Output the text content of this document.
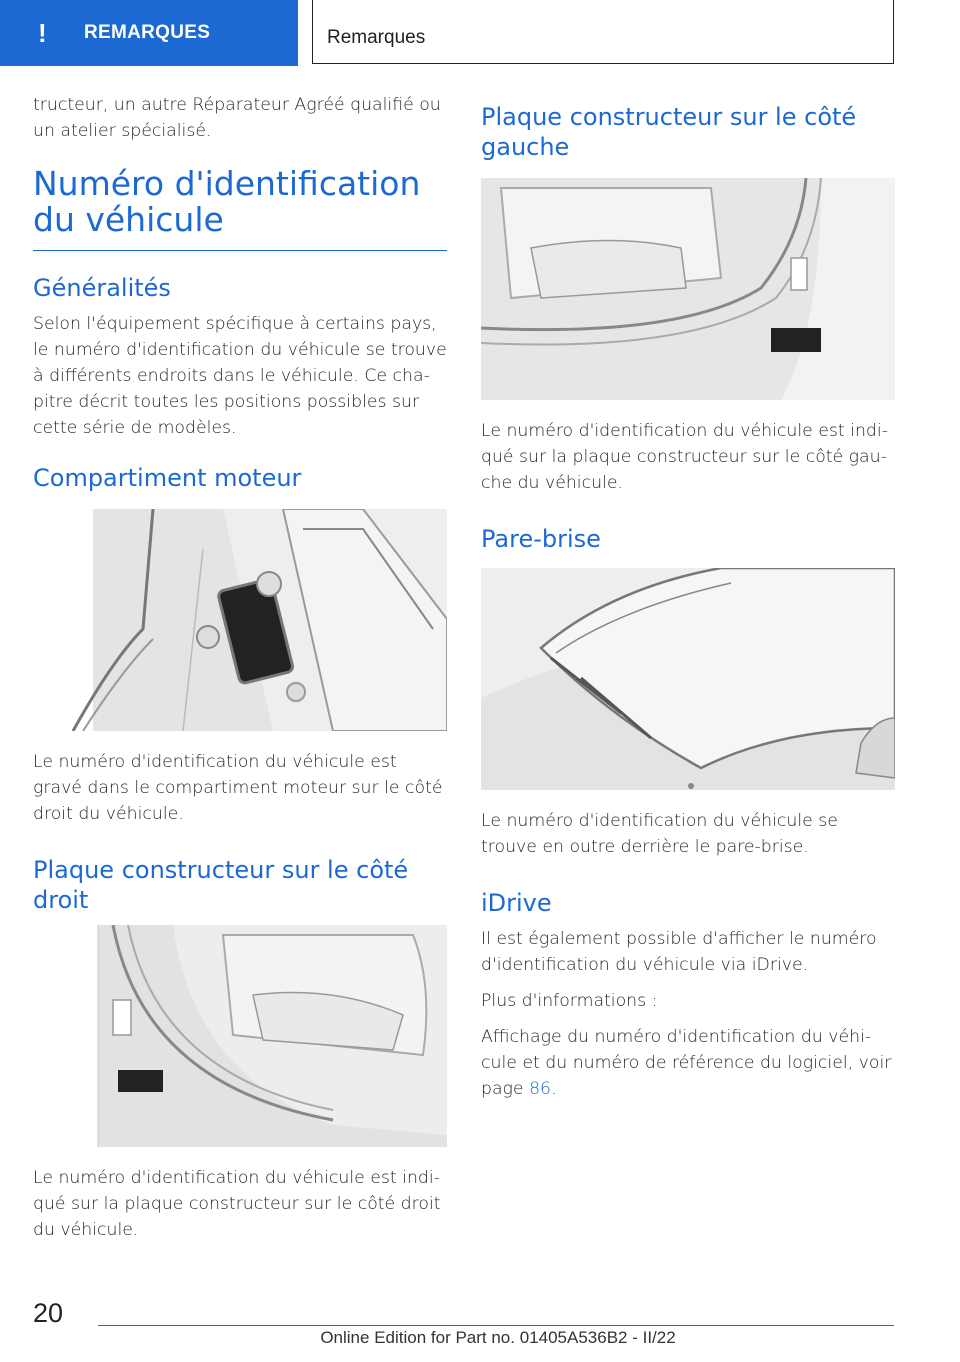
!	REMARQUES	Remarques

tructeur, un autre Réparateur Agréé qualifié ou un atelier spécialisé.

Numéro d'identification du véhicule
Généralités

Selon l'équipement spécifique à certains pays, le numéro d'identification du véhicule se trouve à différents endroits dans le véhicule. Ce chapitre décrit toutes les positions possibles sur cette série de modèles.

Compartiment moteur

Le numéro d'identification du véhicule est gravé dans le compartiment moteur sur le côté droit du véhicule.

Plaque constructeur sur le côté droit

Le numéro d'identification du véhicule est indiqué sur la plaque constructeur sur le côté droit du véhicule.

Plaque constructeur sur le côté gauche

Le numéro d'identification du véhicule est indiqué sur la plaque constructeur sur le côté gauche du véhicule.

Pare-brise

Le numéro d'identification du véhicule se trouve en outre derrière le pare-brise.

iDrive

Il est également possible d'afficher le numéro d'identification du véhicule via iDrive.

Plus d'informations :

Affichage du numéro d'identification du véhicule et du numéro de référence du logiciel, voir page 86.

20
Online Edition for Part no. 01405A536B2 - II/22
